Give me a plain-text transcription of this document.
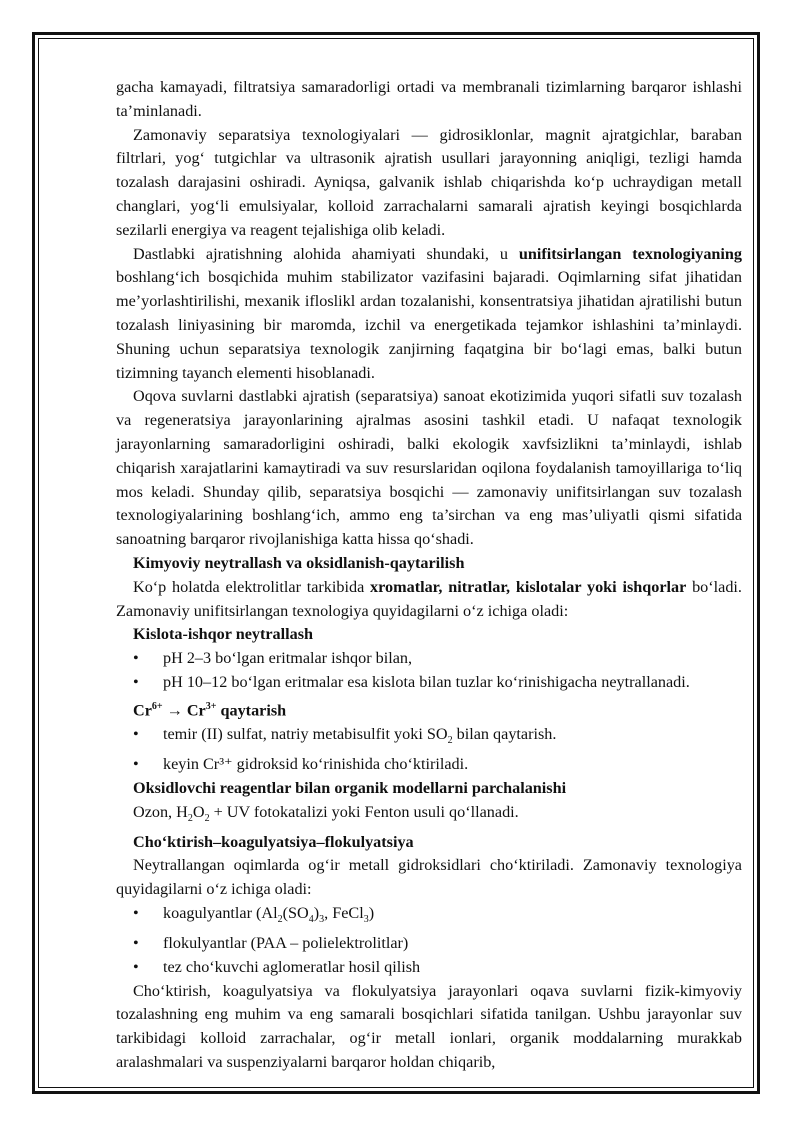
gacha kamayadi, filtratsiya samaradorligi ortadi va membranali tizimlarning barqaror ishlashi ta’minlanadi.

Zamonaviy separatsiya texnologiyalari — gidrosiklonlar, magnit ajratgichlar, baraban filtrlari, yog‘ tutgichlar va ultrasonik ajratish usullari jarayonning aniqligi, tezligi hamda tozalash darajasini oshiradi. Ayniqsa, galvanik ishlab chiqarishda ko‘p uchraydigan metall changlari, yog‘li emulsiyalar, kolloid zarrachalarni samarali ajratish keyingi bosqichlarda sezilarli energiya va reagent tejalishiga olib keladi.

Dastlabki ajratishning alohida ahamiyati shundaki, u unifitsirlangan texnologiyaning boshlang‘ich bosqichida muhim stabilizator vazifasini bajaradi. Oqimlarning sifat jihatidan me’yorlashtirilishi, mexanik ifloslikl ardan tozalanishi, konsentratsiya jihatidan ajratilishi butun tozalash liniyasining bir maromda, izchil va energetikada tejamkor ishlashini ta’minlaydi. Shuning uchun separatsiya texnologik zanjirning faqatgina bir bo‘lagi emas, balki butun tizimning tayanch elementi hisoblanadi.

Oqova suvlarni dastlabki ajratish (separatsiya) sanoat ekotizimida yuqori sifatli suv tozalash va regeneratsiya jarayonlarining ajralmas asosini tashkil etadi. U nafaqat texnologik jarayonlarning samaradorligini oshiradi, balki ekologik xavfsizlikni ta’minlaydi, ishlab chiqarish xarajatlarini kamaytiradi va suv resurslaridan oqilona foydalanish tamoyillariga to‘liq mos keladi. Shunday qilib, separatsiya bosqichi — zamonaviy unifitsirlangan suv tozalash texnologiyalarining boshlang‘ich, ammo eng ta’sirchan va eng mas’uliyatli qismi sifatida sanoatning barqaror rivojlanishiga katta hissa qo‘shadi.

Kimyoviy neytrallash va oksidlanish-qaytarilish

Ko‘p holatda elektrolitlar tarkibida xromatlar, nitratlar, kislotalar yoki ishqorlar bo‘ladi. Zamonaviy unifitsirlangan texnologiya quyidagilarni o‘z ichiga oladi:

Kislota-ishqor neytrallash
• pH 2–3 bo‘lgan eritmalar ishqor bilan,
• pH 10–12 bo‘lgan eritmalar esa kislota bilan tuzlar ko‘rinishigacha neytrallanadi.
$Cr^{6+} \to Cr^{3+}$ qaytarish
• temir (II) sulfat, natriy metabisulfit yoki $SO_2$ bilan qaytarish.
• keyin Cr³⁺ gidroksid ko‘rinishida cho‘ktiriladi.
Oksidlovchi reagentlar bilan organik modellarni parchalanishi

Ozon, $H_2O_2$ + UV fotokatalizi yoki Fenton usuli qo‘llanadi.

Cho‘ktirish–koagulyatsiya–flokulyatsiya

Neytrallangan oqimlarda og‘ir metall gidroksidlari cho‘ktiriladi. Zamonaviy texnologiya quyidagilarni o‘z ichiga oladi:

• koagulyantlar ($Al_2(SO_4)_3$, FeCl$_3$)
• flokulyantlar (PAA – polielektrolitlar)
• tez cho‘kuvchi aglomeratlar hosil qilish

Cho‘ktirish, koagulyatsiya va flokulyatsiya jarayonlari oqava suvlarni fizik-kimyoviy tozalashning eng muhim va eng samarali bosqichlari sifatida tanilgan. Ushbu jarayonlar suv tarkibidagi kolloid zarrachalar, og‘ir metall ionlari, organik moddalarning murakkab aralashmalari va suspenziyalarni barqaror holdan chiqarib,
